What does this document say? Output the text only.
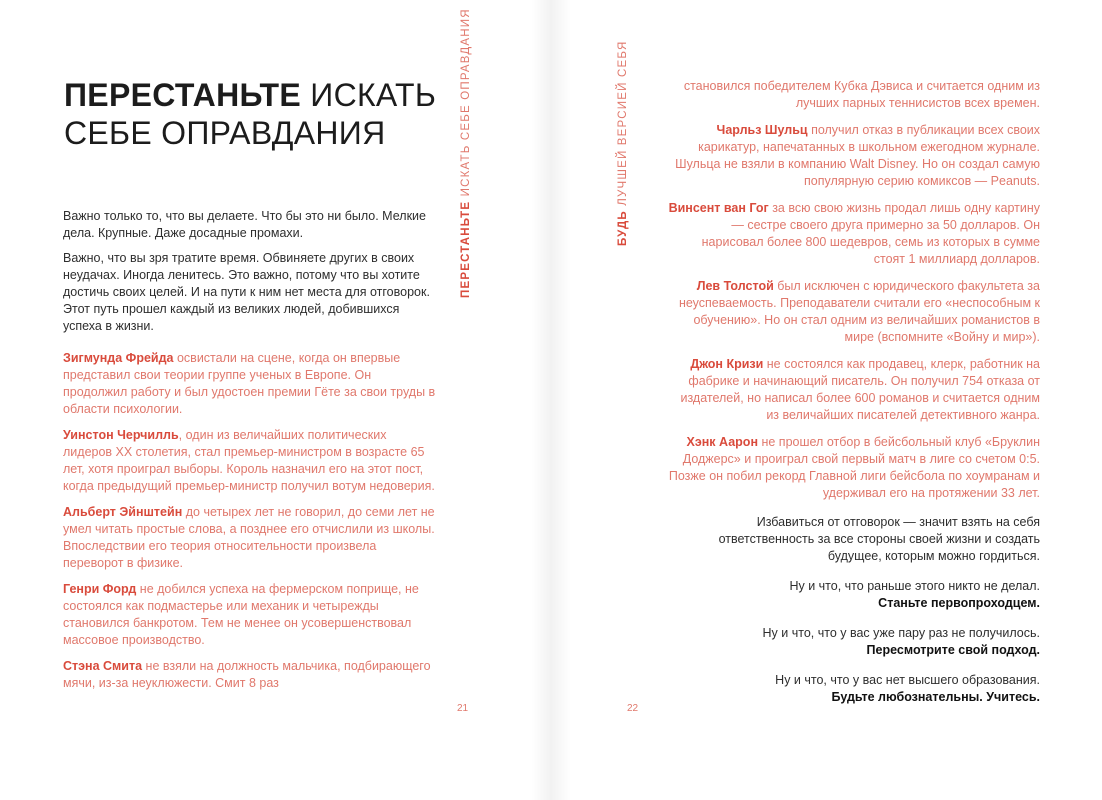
ПЕРЕСТАНЬТЕ ИСКАТЬ
СЕБЕ ОПРАВДАНИЯ

Важно только то, что вы делаете. Что бы это ни было. Мелкие дела. Крупные. Даже досадные промахи.

Важно, что вы зря тратите время. Обвиняете других в своих неудачах. Иногда ленитесь. Это важно, потому что вы хотите достичь своих целей. И на пути к ним нет места для отговорок. Этот путь прошел каждый из великих людей, добившихся успеха в жизни.

Зигмунда Фрейда освистали на сцене, когда он впервые представил свои теории группе ученых в Европе. Он продолжил работу и был удостоен премии Гёте за свои труды в области психологии.

Уинстон Черчилль, один из величайших политических лидеров XX столетия, стал премьер-министром в возрасте 65 лет, хотя проиграл выборы. Король назначил его на этот пост, когда предыдущий премьер-министр получил вотум недоверия.

Альберт Эйнштейн до четырех лет не говорил, до семи лет не умел читать простые слова, а позднее его отчислили из школы. Впоследствии его теория относительности произвела переворот в физике.

Генри Форд не добился успеха на фермерском поприще, не состоялся как подмастерье или механик и четырежды становился банкротом. Тем не менее он усовершенствовал массовое производство.

Стэна Смита не взяли на должность мальчика, подбирающего мячи, из-за неуклюжести. Смит 8 раз

ПЕРЕСТАНЬТЕ ИСКАТЬ СЕБЕ ОПРАВДАНИЯ
21
БУДЬ ЛУЧШЕЙ ВЕРСИЕЙ СЕБЯ	становился победителем Кубка Дэвиса и считается одним из лучших парных теннисистов всех времен.

Чарльз Шульц получил отказ в публикации всех своих карикатур, напечатанных в школьном ежегодном журнале. Шульца не взяли в компанию Walt Disney. Но он создал самую популярную серию комиксов — Peanuts.

Винсент ван Гог за всю свою жизнь продал лишь одну картину — сестре своего друга примерно за 50 долларов. Он нарисовал более 800 шедевров, семь из которых в сумме стоят 1 миллиард долларов.

Лев Толстой был исключен с юридического факультета за неуспеваемость. Преподаватели считали его «неспособным к обучению». Но он стал одним из величайших романистов в мире (вспомните «Войну и мир»).

Джон Кризи не состоялся как продавец, клерк, работник на фабрике и начинающий писатель. Он получил 754 отказа от издателей, но написал более 600 романов и считается одним из величайших писателей детективного жанра.

Хэнк Аарон не прошел отбор в бейсбольный клуб «Бруклин Доджерс» и проиграл свой первый матч в лиге со счетом 0:5. Позже он побил рекорд Главной лиги бейсбола по хоумранам и удерживал его на протяжении 33 лет.

Избавиться от отговорок — значит взять на себя ответственность за все стороны своей жизни и создать будущее, которым можно гордиться.

Ну и что, что раньше этого никто не делал.
Станьте первопроходцем.

Ну и что, что у вас уже пару раз не получилось.
Пересмотрите свой подход.

Ну и что, что у вас нет высшего образования.
Будьте любознательны. Учитесь.

22
